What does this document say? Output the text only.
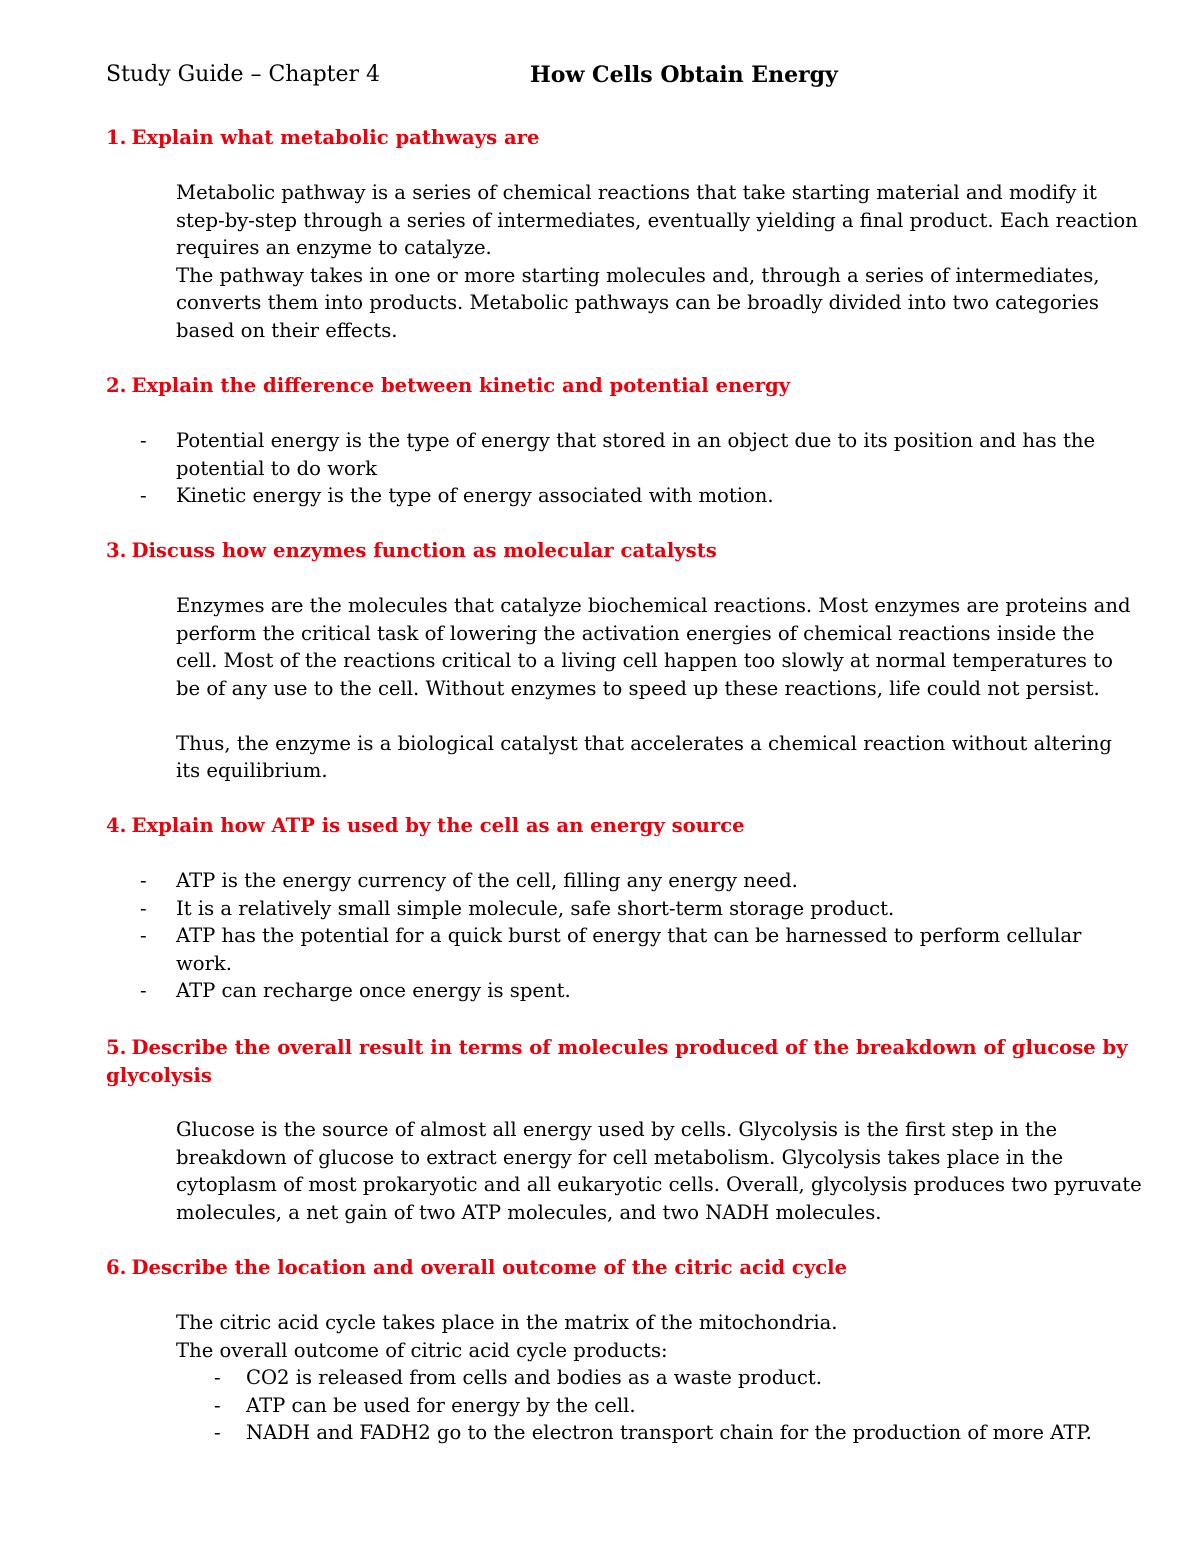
Study Guide – Chapter 4	How Cells Obtain Energy
1. Explain what metabolic pathways are

Metabolic pathway is a series of chemical reactions that take starting material and modify it step-by-step through a series of intermediates, eventually yielding a final product. Each reaction requires an enzyme to catalyze.

The pathway takes in one or more starting molecules and, through a series of intermediates, converts them into products. Metabolic pathways can be broadly divided into two categories based on their effects.

2. Explain the difference between kinetic and potential energy
- Potential energy is the type of energy that stored in an object due to its position and has the potential to do work
- Kinetic energy is the type of energy associated with motion.
3. Discuss how enzymes function as molecular catalysts

Enzymes are the molecules that catalyze biochemical reactions. Most enzymes are proteins and perform the critical task of lowering the activation energies of chemical reactions inside the cell. Most of the reactions critical to a living cell happen too slowly at normal temperatures to be of any use to the cell. Without enzymes to speed up these reactions, life could not persist.

Thus, the enzyme is a biological catalyst that accelerates a chemical reaction without altering its equilibrium.

4. Explain how ATP is used by the cell as an energy source
- ATP is the energy currency of the cell, filling any energy need.
- It is a relatively small simple molecule, safe short-term storage product.
- ATP has the potential for a quick burst of energy that can be harnessed to perform cellular work.
- ATP can recharge once energy is spent.
5. Describe the overall result in terms of molecules produced of the breakdown of glucose by glycolysis

Glucose is the source of almost all energy used by cells. Glycolysis is the first step in the breakdown of glucose to extract energy for cell metabolism. Glycolysis takes place in the cytoplasm of most prokaryotic and all eukaryotic cells. Overall, glycolysis produces two pyruvate molecules, a net gain of two ATP molecules, and two NADH molecules.

6. Describe the location and overall outcome of the citric acid cycle

The citric acid cycle takes place in the matrix of the mitochondria.

The overall outcome of citric acid cycle products:

- CO2 is released from cells and bodies as a waste product.
- ATP can be used for energy by the cell.
- NADH and FADH2 go to the electron transport chain for the production of more ATP.
